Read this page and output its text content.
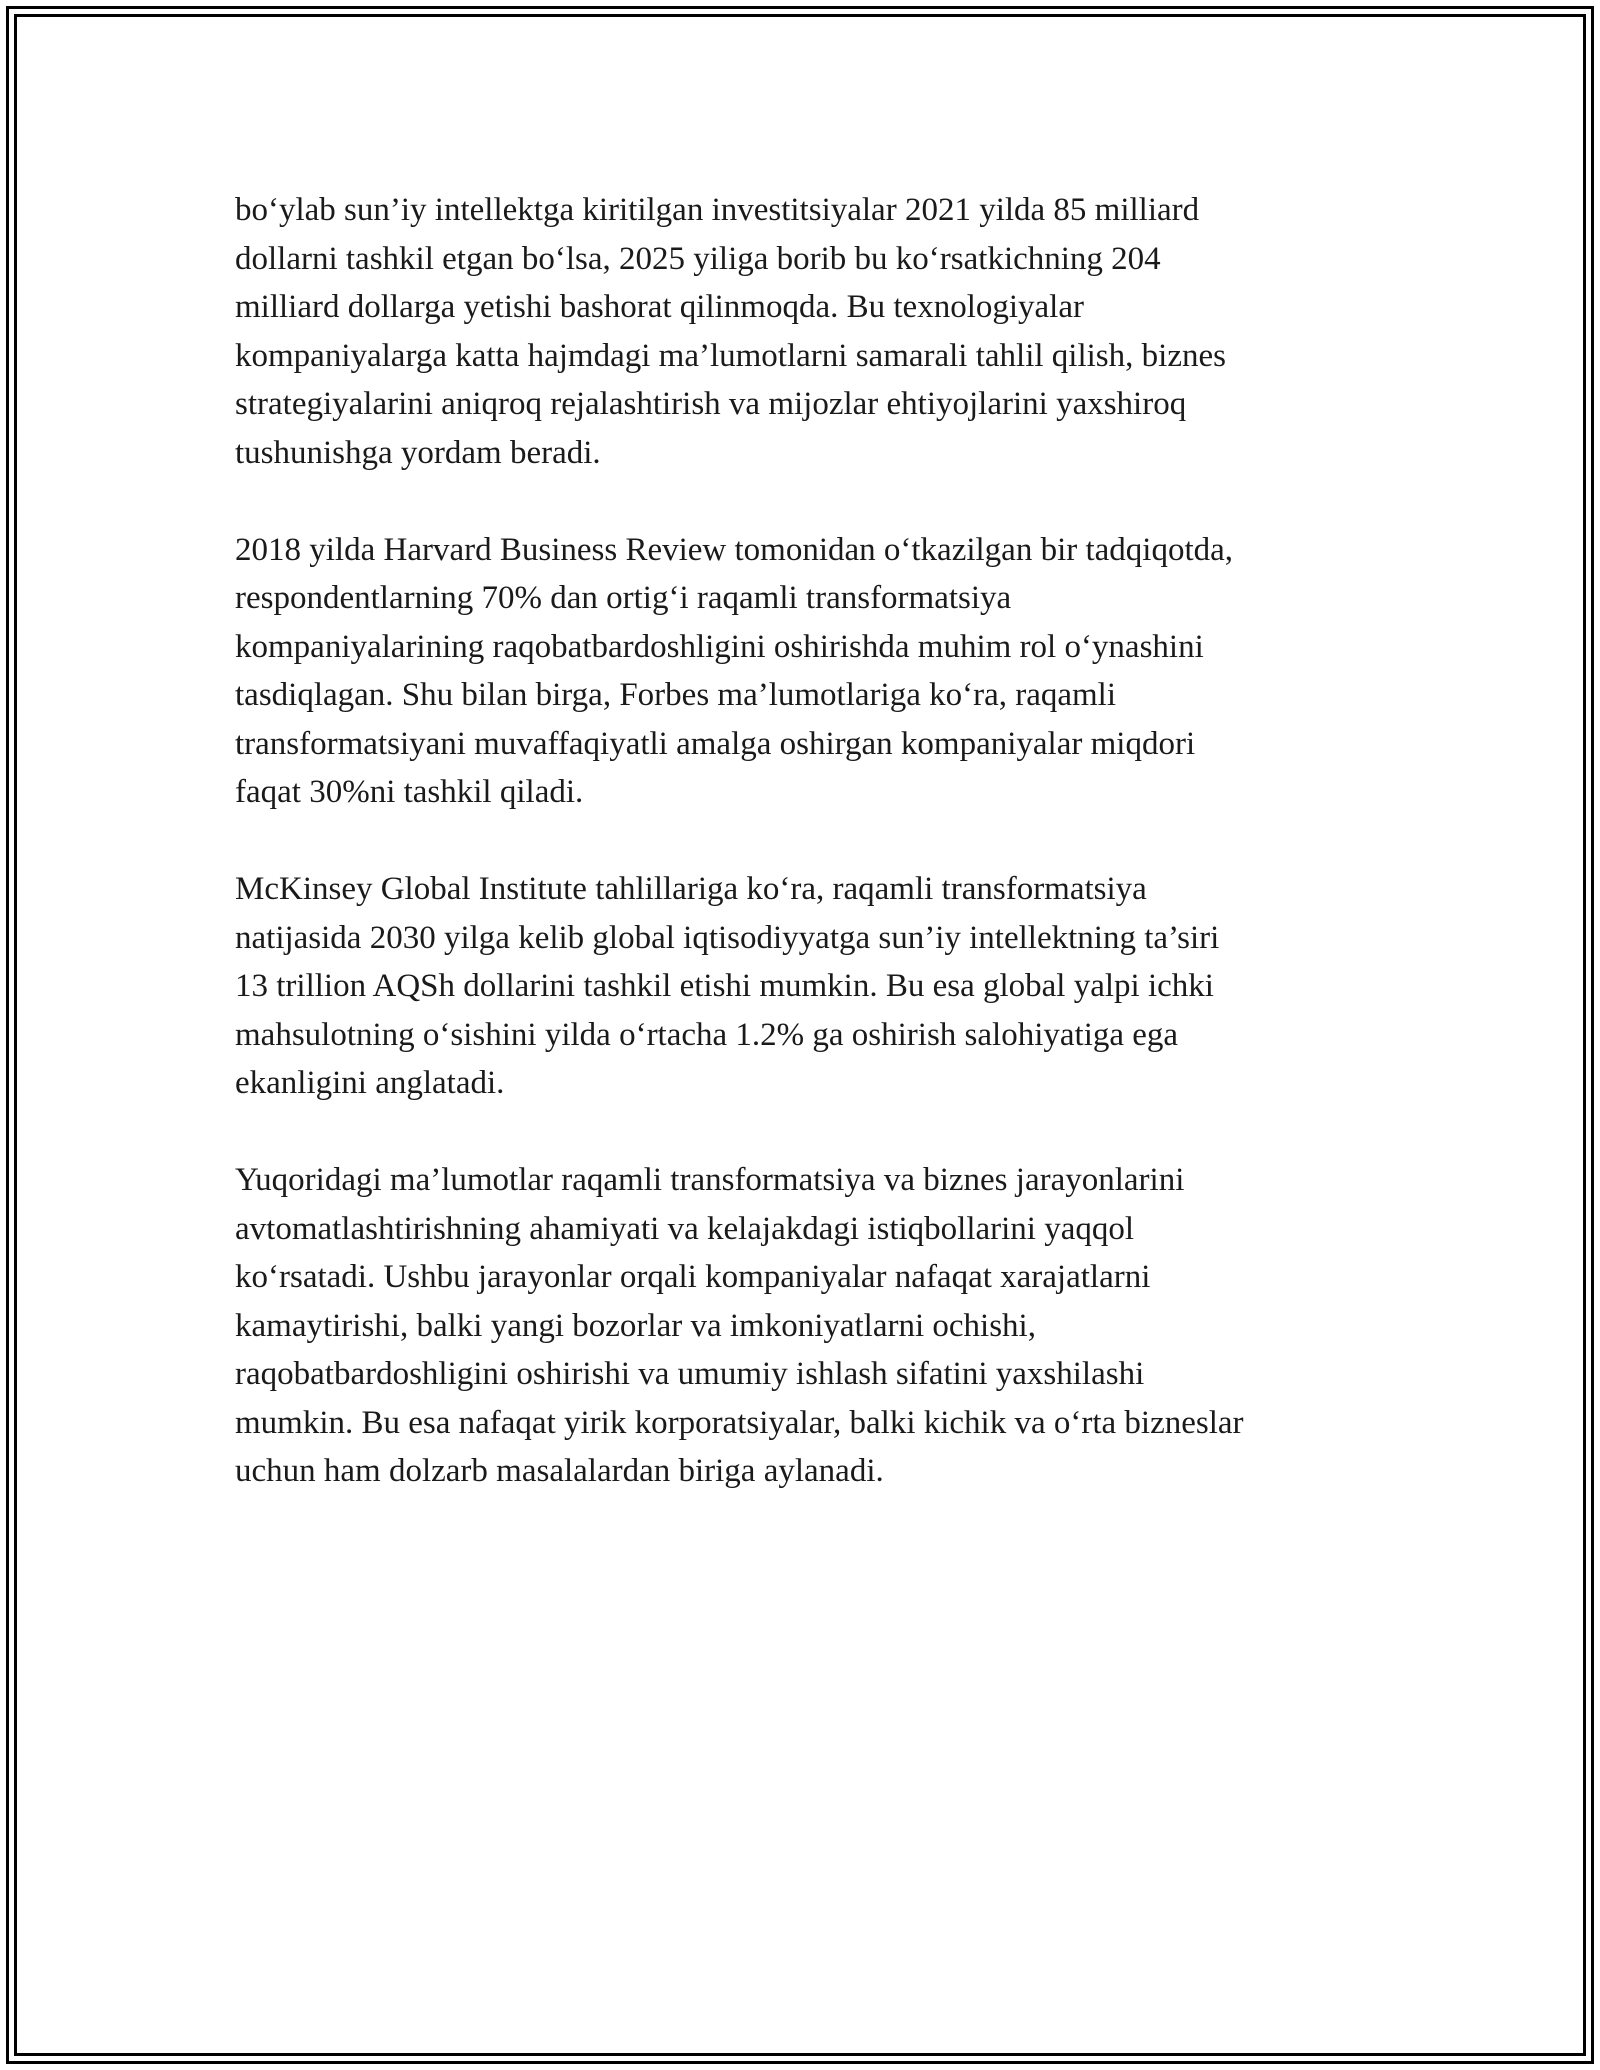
bo‘ylab sun’iy intellektga kiritilgan investitsiyalar 2021 yilda 85 milliard
dollarni tashkil etgan bo‘lsa, 2025 yiliga borib bu ko‘rsatkichning 204
milliard dollarga yetishi bashorat qilinmoqda. Bu texnologiyalar
kompaniyalarga katta hajmdagi ma’lumotlarni samarali tahlil qilish, biznes
strategiyalarini aniqroq rejalashtirish va mijozlar ehtiyojlarini yaxshiroq
tushunishga yordam beradi.

2018 yilda Harvard Business Review tomonidan o‘tkazilgan bir tadqiqotda,
respondentlarning 70% dan ortig‘i raqamli transformatsiya
kompaniyalarining raqobatbardoshligini oshirishda muhim rol o‘ynashini
tasdiqlagan. Shu bilan birga, Forbes ma’lumotlariga ko‘ra, raqamli
transformatsiyani muvaffaqiyatli amalga oshirgan kompaniyalar miqdori
faqat 30%ni tashkil qiladi.

McKinsey Global Institute tahlillariga ko‘ra, raqamli transformatsiya
natijasida 2030 yilga kelib global iqtisodiyyatga sun’iy intellektning ta’siri
13 trillion AQSh dollarini tashkil etishi mumkin. Bu esa global yalpi ichki
mahsulotning o‘sishini yilda o‘rtacha 1.2% ga oshirish salohiyatiga ega
ekanligini anglatadi.

Yuqoridagi ma’lumotlar raqamli transformatsiya va biznes jarayonlarini
avtomatlashtirishning ahamiyati va kelajakdagi istiqbollarini yaqqol
ko‘rsatadi. Ushbu jarayonlar orqali kompaniyalar nafaqat xarajatlarni
kamaytirishi, balki yangi bozorlar va imkoniyatlarni ochishi,
raqobatbardoshligini oshirishi va umumiy ishlash sifatini yaxshilashi
mumkin. Bu esa nafaqat yirik korporatsiyalar, balki kichik va o‘rta bizneslar
uchun ham dolzarb masalalardan biriga aylanadi.
